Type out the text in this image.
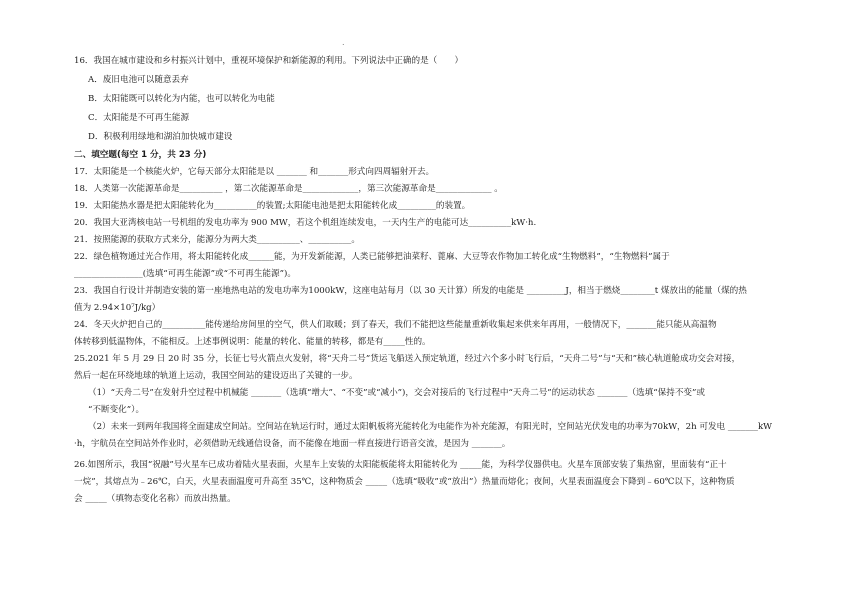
.
16．我国在城市建设和乡村振兴计划中，重视环境保护和新能源的利用。下列说法中正确的是（　　）
A．废旧电池可以随意丢弃
B．太阳能既可以转化为内能，也可以转化为电能
C．太阳能是不可再生能源
D．积极利用绿地和湖泊加快城市建设
二、填空题(每空 1 分，共 23 分)
17．太阳能是一个核能火炉，它每天部分太阳能是以 _______ 和_______形式向四周辐射开去。
18．人类第一次能源革命是__________ ，第二次能源革命是_____________，第三次能源革命是_____________ 。
19．太阳能热水器是把太阳能转化为__________的装置;太阳能电池是把太阳能转化成_________的装置。
20．我国大亚湾核电站一号机组的发电功率为 900 MW，若这个机组连续发电，一天内生产的电能可达__________kW·h.
21．按照能源的获取方式来分，能源分为两大类__________、__________。
22．绿色植物通过光合作用，将太阳能转化成______能，为开发新能源，人类已能够把油菜籽、蓖麻、大豆等农作物加工转化成“生物燃料”，“生物燃料”属于
________________(选填“可再生能源”或“不可再生能源”)。
23．我国自行设计并制造安装的第一座地热电站的发电功率为1000kW，这座电站每月（以 30 天计算）所发的电能是 _________J，相当于燃烧________t 煤放出的能量（煤的热
值为 2.94×10⁷J/kg）
24．冬天火炉把自己的__________能传递给房间里的空气，供人们取暖；到了春天，我们不能把这些能量重新收集起来供来年再用，一般情况下，_______能只能从高温物
体转移到低温物体，不能相反。上述事例说明：能量的转化、能量的转移，都是有_____性的。
25.2021 年 5 月 29 日 20 时 35 分，长征七号火箭点火发射，将“天舟二号”货运飞船送入预定轨道，经过六个多小时飞行后，“天舟二号”与“天和”核心轨道舱成功交会对接，
然后一起在环绕地球的轨道上运动，我国空间站的建设迈出了关键的一步。
（1）“天舟二号”在发射升空过程中机械能 _______（选填“增大”、“不变”或“减小”)，交会对接后的飞行过程中“天舟二号”的运动状态 _______（选填“保持不变”或
“不断变化”）。
（2）未来一到两年我国将全面建成空间站。空间站在轨运行时，通过太阳帆板将光能转化为电能作为补充能源，有阳光时，空间站光伏发电的功率为70kW，2h 可发电 _______kW
·h，宇航员在空间站外作业时，必须借助无线通信设备，而不能像在地面一样直接进行语音交流，是因为 _______。
26.如图所示，我国“祝融”号火星车已成功着陆火星表面，火星车上安装的太阳能板能将太阳能转化为 _____能，为科学仪器供电。火星车顶部安装了集热窗，里面装有“正十
一烷”，其熔点为﹣26℃，白天，火星表面温度可升高至 35℃，这种物质会 _____（选填“吸收”或“放出”）热量而熔化；夜间，火星表面温度会下降到﹣60℃以下，这种物质
会 _____（填物态变化名称）而放出热量。
